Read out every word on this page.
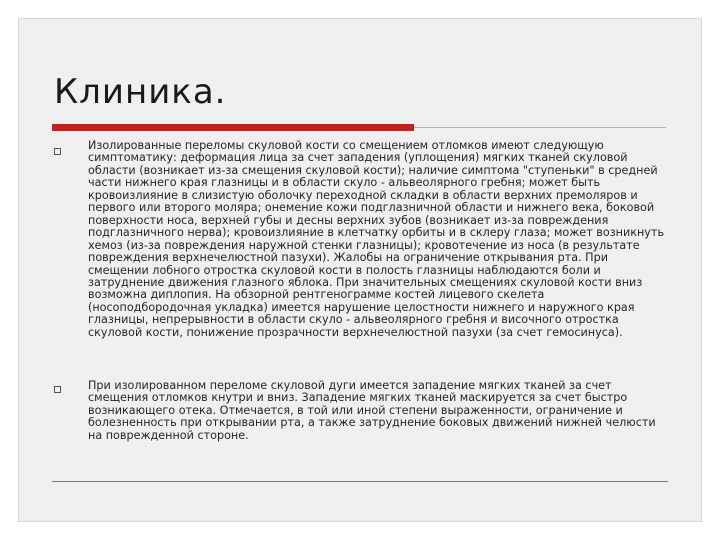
Клиника.

Изолированные переломы скуловой кости со смещением отломков имеют следующую симптоматику: деформация лица за счет западения (уплощения) мягких тканей скуловой области (возникает из-за смещения скуловой кости); наличие симптома "ступеньки" в средней части нижнего края глазницы и в области скуло - альвеолярного гребня; может быть кровоизлияние в слизистую оболочку переходной складки в области верхних премоляров и первого или второго моляра; онемение кожи подглазничной области и нижнего века, боковой поверхности носа, верхней губы и десны верхних зубов (возникает из-за повреждения подглазничного нерва); кровоизлияние в клетчатку орбиты и в склеру глаза; может возникнуть хемоз (из-за повреждения наружной стенки глазницы); кровотечение из носа (в результате повреждения верхнечелюстной пазухи). Жалобы на ограничение открывания рта. При смещении лобного отростка скуловой кости в полость глазницы наблюдаются боли и затруднение движения глазного яблока. При значительных смещениях скуловой кости вниз возможна диплопия. На обзорной рентгенограмме костей лицевого скелета (носоподбородочная укладка) имеется нарушение целостности нижнего и наружного края глазницы, непрерывности в области скуло - альвеолярного гребня и височного отростка скуловой кости, понижение прозрачности верхнечелюстной пазухи (за счет гемосинуса).

При изолированном переломе скуловой дуги имеется западение мягких тканей за счет смещения отломков кнутри и вниз. Западение мягких тканей маскируется за счет быстро возникающего отека. Отмечается, в той или иной степени выраженности, ограничение и болезненность при открывании рта, а также затруднение боковых движений нижней челюсти на поврежденной стороне.
